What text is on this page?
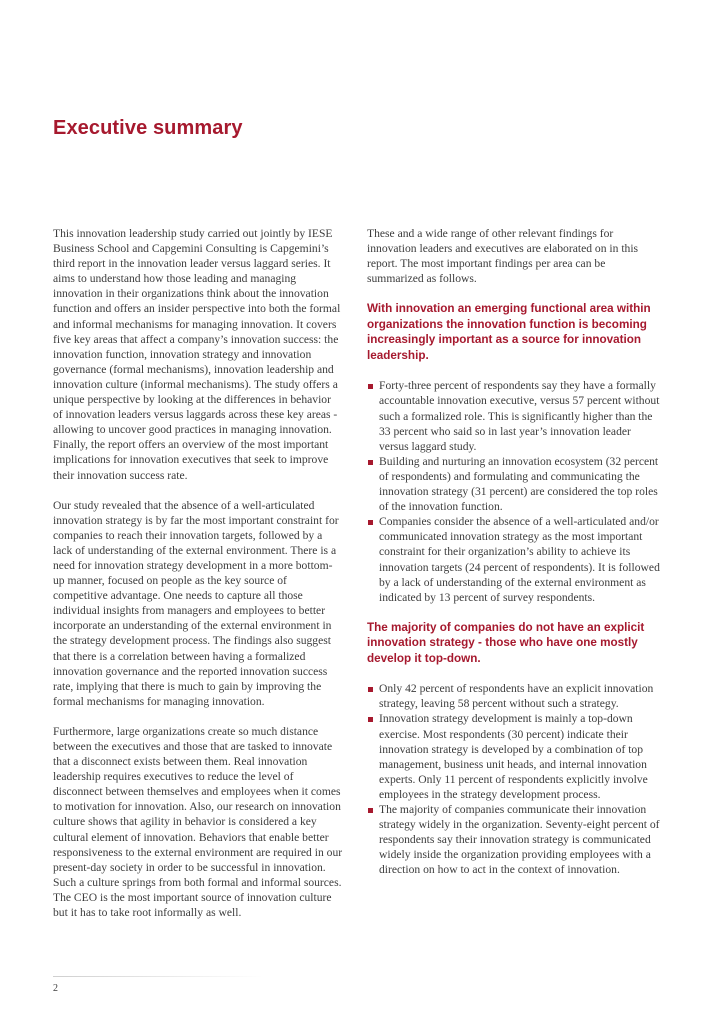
Executive summary

This innovation leadership study carried out jointly by IESE Business School and Capgemini Consulting is Capgemini’s third report in the innovation leader versus laggard series. It aims to understand how those leading and managing innovation in their organizations think about the innovation function and offers an insider perspective into both the formal and informal mechanisms for managing innovation. It covers five key areas that affect a company’s innovation success: the innovation function, innovation strategy and innovation governance (formal mechanisms), innovation leadership and innovation culture (informal mechanisms). The study offers a unique perspective by looking at the differences in behavior of innovation leaders versus laggards across these key areas - allowing to uncover good practices in managing innovation. Finally, the report offers an overview of the most important implications for innovation executives that seek to improve their innovation success rate.

Our study revealed that the absence of a well-articulated innovation strategy is by far the most important constraint for companies to reach their innovation targets, followed by a lack of understanding of the external environment. There is a need for innovation strategy development in a more bottom-up manner, focused on people as the key source of competitive advantage. One needs to capture all those individual insights from managers and employees to better incorporate an understanding of the external environment in the strategy development process. The findings also suggest that there is a correlation between having a formalized innovation governance and the reported innovation success rate, implying that there is much to gain by improving the formal mechanisms for managing innovation.

Furthermore, large organizations create so much distance between the executives and those that are tasked to innovate that a disconnect exists between them. Real innovation leadership requires executives to reduce the level of disconnect between themselves and employees when it comes to motivation for innovation. Also, our research on innovation culture shows that agility in behavior is considered a key cultural element of innovation. Behaviors that enable better responsiveness to the external environment are required in our present-day society in order to be successful in innovation. Such a culture springs from both formal and informal sources. The CEO is the most important source of innovation culture but it has to take root informally as well.

These and a wide range of other relevant findings for innovation leaders and executives are elaborated on in this report. The most important findings per area can be summarized as follows.

With innovation an emerging functional area within organizations the innovation function is becoming increasingly important as a source for innovation leadership.
Forty-three percent of respondents say they have a formally accountable innovation executive, versus 57 percent without such a formalized role. This is significantly higher than the 33 percent who said so in last year’s innovation leader versus laggard study.
Building and nurturing an innovation ecosystem (32 percent of respondents) and formulating and communicating the innovation strategy (31 percent) are considered the top roles of the innovation function.
Companies consider the absence of a well-articulated and/or communicated innovation strategy as the most important constraint for their organization’s ability to achieve its innovation targets (24 percent of respondents). It is followed by a lack of understanding of the external environment as indicated by 13 percent of survey respondents.
The majority of companies do not have an explicit innovation strategy - those who have one mostly develop it top-down.
Only 42 percent of respondents have an explicit innovation strategy, leaving 58 percent without such a strategy.
Innovation strategy development is mainly a top-down exercise. Most respondents (30 percent) indicate their innovation strategy is developed by a combination of top management, business unit heads, and internal innovation experts. Only 11 percent of respondents explicitly involve employees in the strategy development process.
The majority of companies communicate their innovation strategy widely in the organization. Seventy-eight percent of respondents say their innovation strategy is communicated widely inside the organization providing employees with a direction on how to act in the context of innovation.
2
